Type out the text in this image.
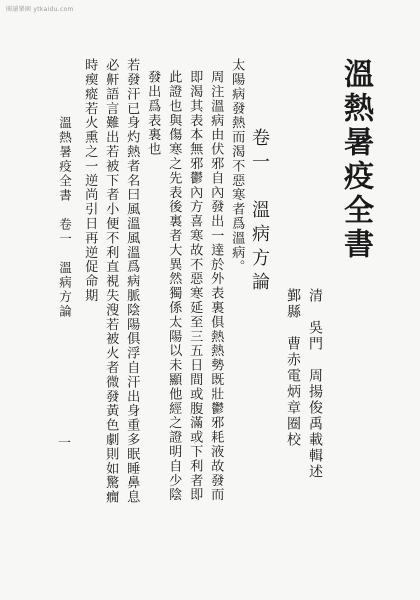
閱讀樂園 ytkaidu.com
溫熱暑疫全書
清　吳門　周揚俊禹載輯述
鄞縣　曹赤電炳章圈校
卷一　溫病方論
太陽病發熱而渴不惡寒者爲溫病。
周注溫病由伏邪自內發出一達於外表裏俱熱熱勢既壯鬱邪耗液故發而
即渴其表本無邪鬱內方喜寒故不惡寒延至三五日間或腹滿或下利者即
此證也與傷寒之先表後裏者大異然獨係太陽以未顯他經之證明自少陰
發出爲表裏也
若發汗已身灼熱者名曰風溫風溫爲病脈陰陽俱浮自汗出身重多眠睡鼻息
必鼾語言難出若被下者小便不利直視失溲若被火者微發黃色劇則如驚癇
時瘈瘲若火熏之一逆尚引日再逆促命期
溫熱暑疫全書　卷一　溫病方論
一
